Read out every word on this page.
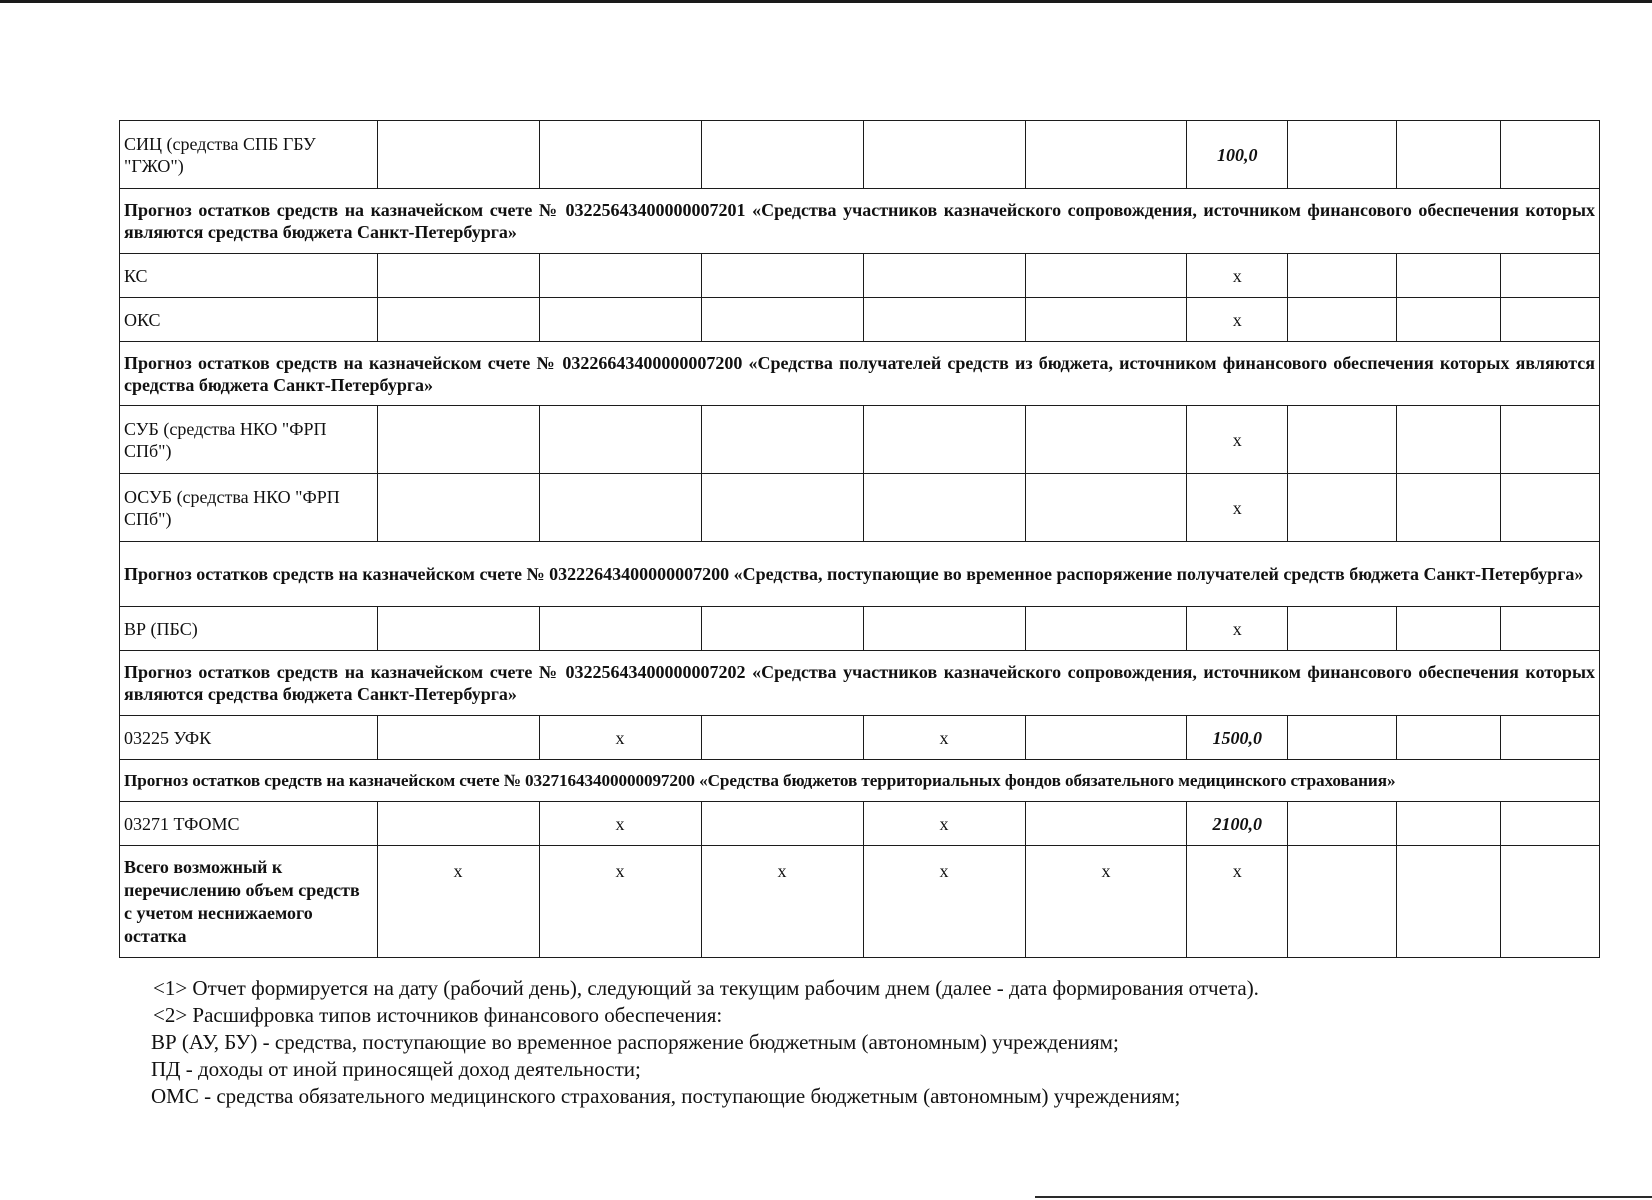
СИЦ (средства СПБ ГБУ "ГЖО")						100,0			
Прогноз остатков средств на казначейском счете № 03225643400000007201 «Средства участников казначейского сопровождения, источником финансового обеспечения которых являются средства бюджета Санкт-Петербурга»									
КС						x			
ОКС						x			
Прогноз остатков средств на казначейском счете № 03226643400000007200 «Средства получателей средств из бюджета, источником финансового обеспечения которых являются средства бюджета Санкт-Петербурга»									
СУБ (средства НКО "ФРП СПб")						x			
ОСУБ (средства НКО "ФРП СПб")						x			
Прогноз остатков средств на казначейском счете № 03222643400000007200 «Средства, поступающие во временное распоряжение получателей средств бюджета Санкт-Петербурга»									
ВР (ПБС)						x			
Прогноз остатков средств на казначейском счете № 03225643400000007202 «Средства участников казначейского сопровождения, источником финансового обеспечения которых являются средства бюджета Санкт-Петербурга»									
03225 УФК		x		x		1500,0			
Прогноз остатков средств на казначейском счете № 03271643400000097200 «Средства бюджетов территориальных фондов обязательного медицинского страхования»									
03271 ТФОМС		x		x		2100,0			
Всего возможный к перечислению объем средств с учетом неснижаемого остатка	x	x	x	x	x	x			
<1> Отчет формируется на дату (рабочий день), следующий за текущим рабочим днем (далее - дата формирования отчета).
<2> Расшифровка типов источников финансового обеспечения:
ВР (АУ, БУ) - средства, поступающие во временное распоряжение бюджетным (автономным) учреждениям;
ПД - доходы от иной приносящей доход деятельности;
ОМС - средства обязательного медицинского страхования, поступающие бюджетным (автономным) учреждениям;
